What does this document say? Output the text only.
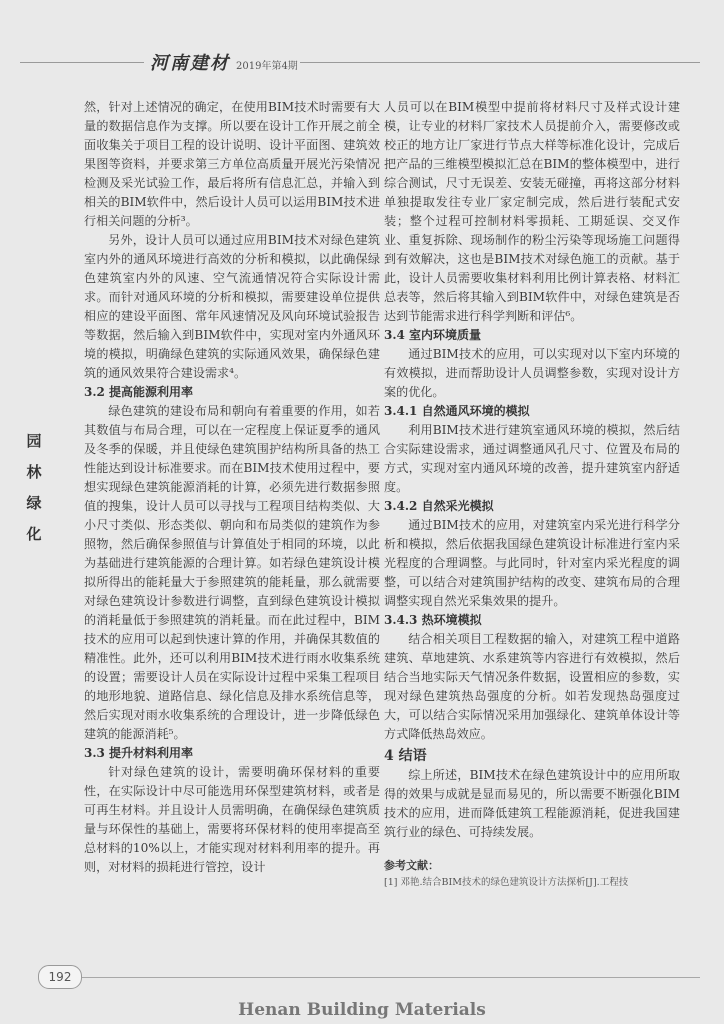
河南建材 2019年第4期
园
林
绿
化

然，针对上述情况的确定，在使用BIM技术时需要有大量的数据信息作为支撑。所以要在设计工作开展之前全面收集关于项目工程的设计说明、设计平面图、建筑效果图等资料，并要求第三方单位高质量开展光污染情况检测及采光试验工作，最后将所有信息汇总，并输入到相关的BIM软件中，然后设计人员可以运用BIM技术进行相关问题的分析³。

另外，设计人员可以通过应用BIM技术对绿色建筑室内外的通风环境进行高效的分析和模拟，以此确保绿色建筑室内外的风速、空气流通情况符合实际设计需求。而针对通风环境的分析和模拟，需要建设单位提供相应的建设平面图、常年风速情况及风向环境试验报告等数据，然后输入到BIM软件中，实现对室内外通风环境的模拟，明确绿色建筑的实际通风效果，确保绿色建筑的通风效果符合建设需求⁴。

3.2 提高能源利用率

绿色建筑的建设布局和朝向有着重要的作用，如若其数值与布局合理，可以在一定程度上保证夏季的通风及冬季的保暖，并且使绿色建筑围护结构所具备的热工性能达到设计标准要求。而在BIM技术使用过程中，要想实现绿色建筑能源消耗的计算，必须先进行数据参照值的搜集，设计人员可以寻找与工程项目结构类似、大小尺寸类似、形态类似、朝向和布局类似的建筑作为参照物，然后确保参照值与计算值处于相同的环境，以此为基础进行建筑能源的合理计算。如若绿色建筑设计模拟所得出的能耗量大于参照建筑的能耗量，那么就需要对绿色建筑设计参数进行调整，直到绿色建筑设计模拟的消耗量低于参照建筑的消耗量。而在此过程中，BIM技术的应用可以起到快速计算的作用，并确保其数值的精准性。此外，还可以利用BIM技术进行雨水收集系统的设置；需要设计人员在实际设计过程中采集工程项目的地形地貌、道路信息、绿化信息及排水系统信息等，然后实现对雨水收集系统的合理设计，进一步降低绿色建筑的能源消耗⁵。

3.3 提升材料利用率

针对绿色建筑的设计，需要明确环保材料的重要性，在实际设计中尽可能选用环保型建筑材料，或者是可再生材料。并且设计人员需明确，在确保绿色建筑质量与环保性的基础上，需要将环保材料的使用率提高至总材料的10%以上，才能实现对材料利用率的提升。再则，对材料的损耗进行管控，设计

人员可以在BIM模型中提前将材料尺寸及样式设计建模，让专业的材料厂家技术人员提前介入，需要修改或校正的地方让厂家进行节点大样等标准化设计，完成后把产品的三维模型模拟汇总在BIM的整体模型中，进行综合测试，尺寸无误差、安装无碰撞，再将这部分材料单独提取发往专业厂家定制完成，然后进行装配式安装；整个过程可控制材料零损耗、工期延误、交叉作业、重复拆除、现场制作的粉尘污染等现场施工问题得到有效解决，这也是BIM技术对绿色施工的贡献。基于此，设计人员需要收集材料利用比例计算表格、材料汇总表等，然后将其输入到BIM软件中，对绿色建筑是否达到节能需求进行科学判断和评估⁶。

3.4 室内环境质量

通过BIM技术的应用，可以实现对以下室内环境的有效模拟，进而帮助设计人员调整参数，实现对设计方案的优化。

3.4.1 自然通风环境的模拟

利用BIM技术进行建筑室通风环境的模拟，然后结合实际建设需求，通过调整通风孔尺寸、位置及布局的方式，实现对室内通风环境的改善，提升建筑室内舒适度。

3.4.2 自然采光模拟

通过BIM技术的应用，对建筑室内采光进行科学分析和模拟，然后依据我国绿色建筑设计标准进行室内采光程度的合理调整。与此同时，针对室内采光程度的调整，可以结合对建筑围护结构的改变、建筑布局的合理调整实现自然光采集效果的提升。

3.4.3 热环境模拟

结合相关项目工程数据的输入，对建筑工程中道路建筑、草地建筑、水系建筑等内容进行有效模拟，然后结合当地实际天气情况条件数据，设置相应的参数，实现对绿色建筑热岛强度的分析。如若发现热岛强度过大，可以结合实际情况采用加强绿化、建筑单体设计等方式降低热岛效应。

4 结语

综上所述，BIM技术在绿色建筑设计中的应用所取得的效果与成就是显而易见的，所以需要不断强化BIM技术的应用，进而降低建筑工程能源消耗，促进我国建筑行业的绿色、可持续发展。

参考文献：

[1] 邓艳.结合BIM技术的绿色建筑设计方法探析[J].工程技
192
Henan Building Materials
